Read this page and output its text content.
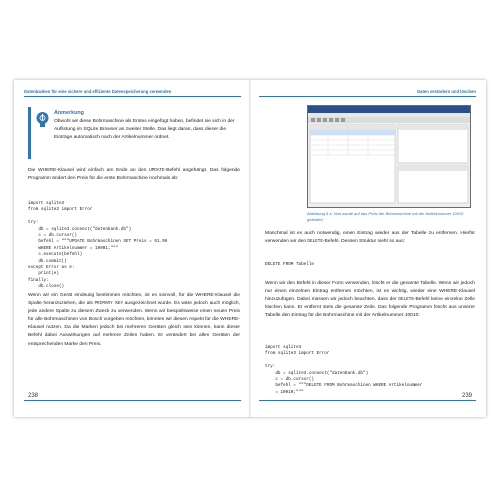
Datenbanken für eine sichere und effiziente Datenspeicherung verwenden
Anmerkung
Obwohl wir diese Bohrmaschine als Erstes eingefügt haben, befindet sie sich in der Auflistung im SQLite Browser an zweiter Stelle. Das liegt daran, dass dieser die Einträge automatisch nach der Artikelnummer ordnet.
Die WHERE-Klausel wird einfach am Ende an den UPDATE-Befehl angehängt. Das folgende Programm ändert den Preis für die erste Bohrmaschine nochmals ab:
import sqlite3
from sqlite3 import Error

try:
db = sqlite3.connect("datenbank.db")
c = db.cursor()
befehl = """UPDATE Bohrmaschinen SET Preis = 61.99
WHERE Artikelnummer = 10001;"""
c.execute(befehl)
db.commit()
except Error as e:
print(e)
finally:
db.close()
Wenn wir ein Gerät eindeutig bestimmen möchten, ist es sinnvoll, für die WHERE-Klausel die Spalte heranzuziehen, die als PRIMARY KEY ausgezeichnet wurde. Es wäre jedoch auch möglich, jede andere Spalte zu diesem Zweck zu verwenden. Wenn wir beispielsweise einen neuen Preis für alle Bohrmaschinen von Bosch vorgeben möchten, könnten wir diesen Aspekt für die WHERE-Klausel nutzen. Da die Marken jedoch bei mehreren Geräten gleich sein können, kann dieser Befehl dabei Auswirkungen auf mehrere Zeilen haben. Er verändert bei allen Geräten der entsprechenden Marke den Preis.
238
Daten verändern und löschen
Abbildung 9.4: Nun wurde auf das Preis der Bohrmaschine mit der Artikelnummer 10010 geändert
Manchmal ist es auch notwendig, einen Eintrag wieder aus der Tabelle zu entfernen. Hierfür verwenden wir den DELETE-Befehl. Dessen Struktur sieht so aus:
DELETE FROM Tabelle
Wenn wir den Befehl in dieser Form verwenden, löscht er die gesamte Tabelle. Wenn wir jedoch nur einen einzelnen Eintrag entfernen möchten, ist es wichtig, wieder eine WHERE-Klausel hinzuzufügen. Dabei müssen wir jedoch beachten, dass der DELETE-Befehl keine einzelne Zelle löschen kann. Er entfernt stets die gesamte Zeile. Das folgende Programm löscht aus unserer Tabelle den Eintrag für die Bohrmaschine mit der Artikelnummer 10010:
import sqlite3
from sqlite3 import Error

try:
db = sqlite3.connect("datenbank.db")
c = db.cursor()
befehl = """DELETE FROM Bohrmaschinen WHERE Artikelnummer
= 10010;"""
239
